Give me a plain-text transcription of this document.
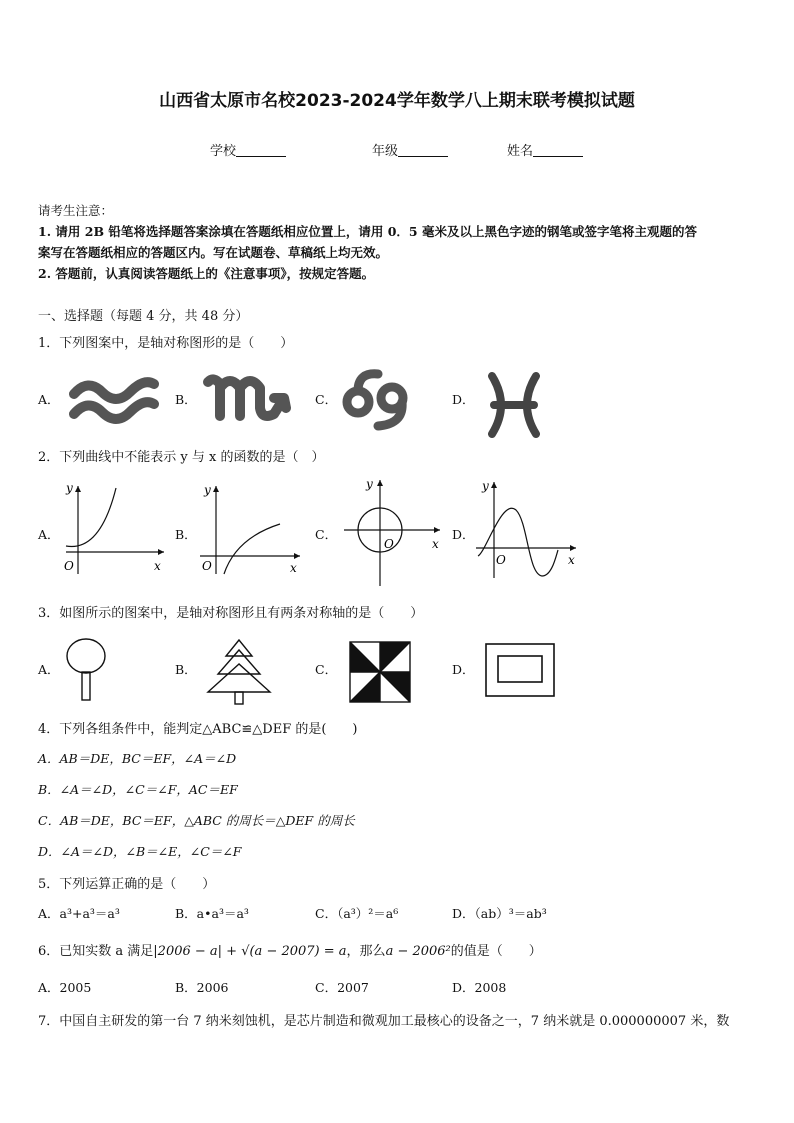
山西省太原市名校2023-2024学年数学八上期末联考模拟试题
学校	年级	姓名
请考生注意：
1. 请用 2B 铅笔将选择题答案涂填在答题纸相应位置上，请用 0．5 毫米及以上黑色字迹的钢笔或签字笔将主观题的答
案写在答题纸相应的答题区内。写在试题卷、草稿纸上均无效。
2. 答题前，认真阅读答题纸上的《注意事项》，按规定答题。
一、选择题（每题 4 分，共 48 分）
1．下列图案中，是轴对称图形的是（　　）
A．	B．	C．	D．
2．下列曲线中不能表示 y 与 x 的函数的是（　）
A．	B．	C．	D．
y
O	x
y
O	x
y
O	x
y
O	x
3．如图所示的图案中，是轴对称图形且有两条对称轴的是（　　）
A．	B．	C．	D．
4．下列各组条件中，能判定△ABC≌△DEF 的是(　　)
A．AB＝DE，BC＝EF，∠A＝∠D
B．∠A＝∠D，∠C＝∠F，AC＝EF
C．AB＝DE，BC＝EF，△ABC 的周长＝△DEF 的周长
D．∠A＝∠D，∠B＝∠E，∠C＝∠F
5．下列运算正确的是（　　）
A．a³+a³＝a³	B．a•a³＝a³	C．（a³）²＝a⁶	D．（ab）³＝ab³
6．已知实数 a 满足|2006 − a| + √(a − 2007) = a，那么a − 2006²的值是（　　）
A．2005	B．2006	C．2007	D．2008
7．中国自主研发的第一台 7 纳米刻蚀机，是芯片制造和微观加工最核心的设备之一，7 纳米就是 0.000000007 米，数
